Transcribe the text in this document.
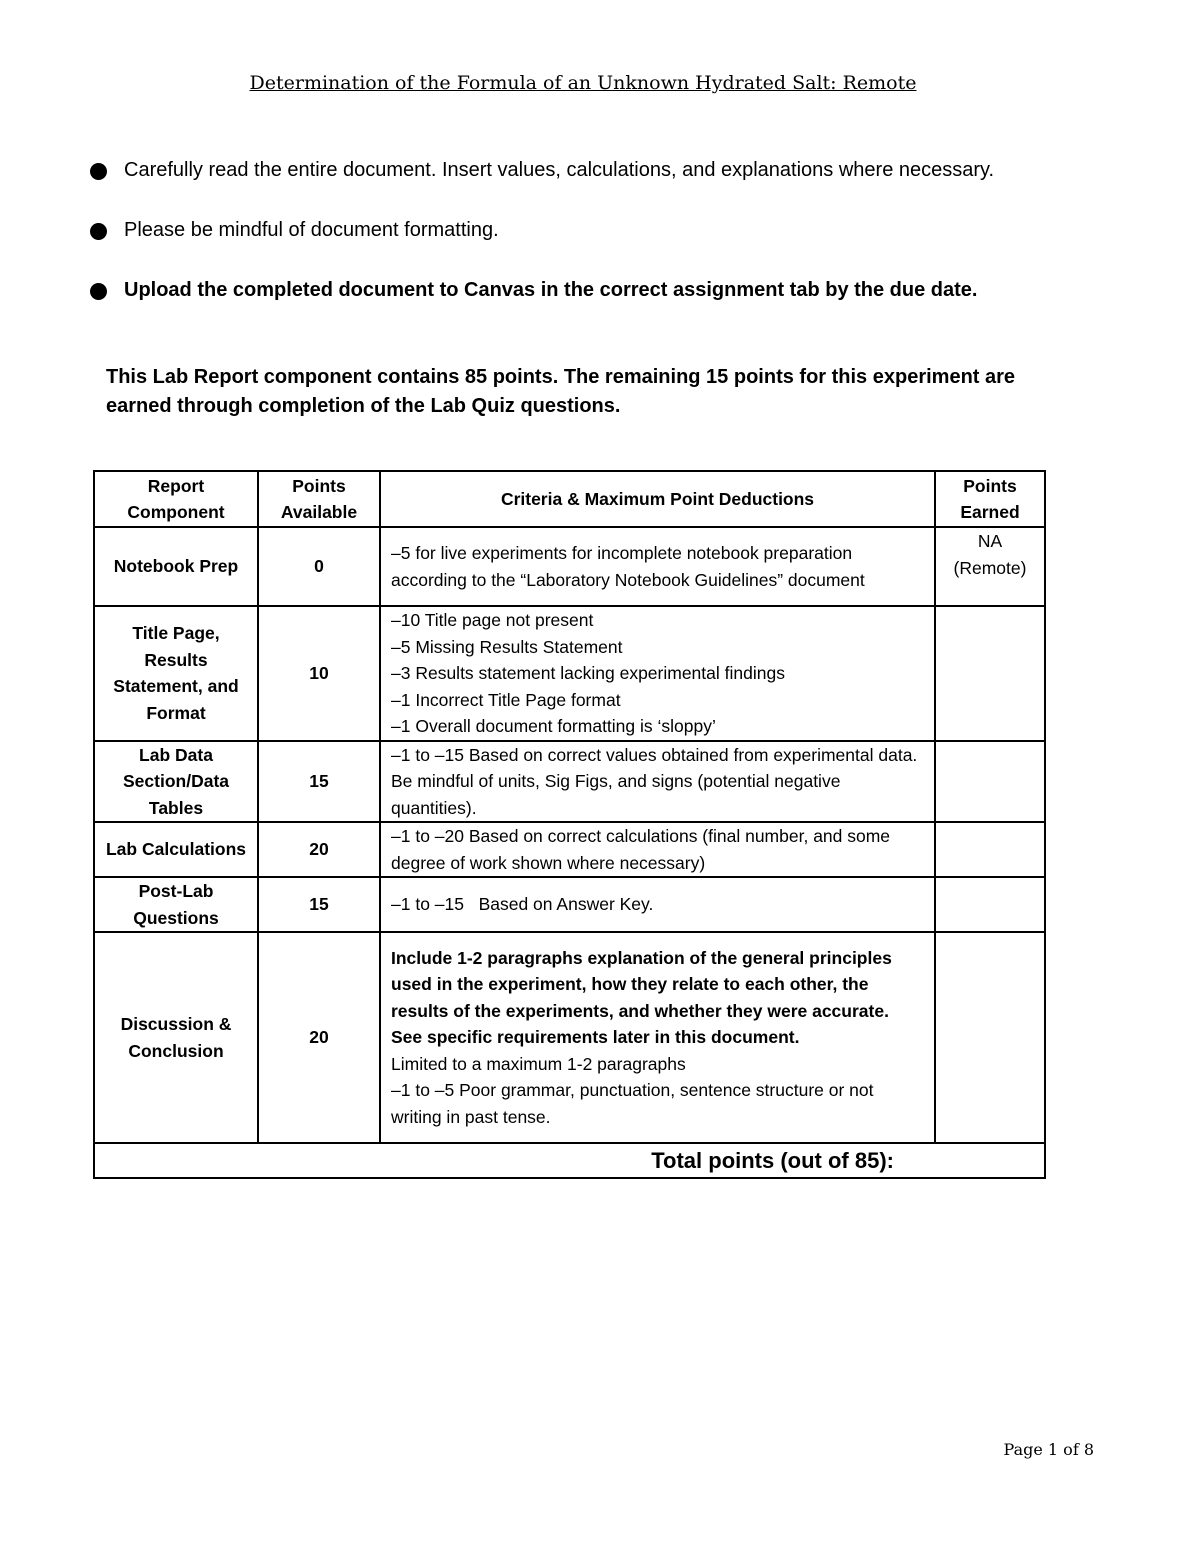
Determination of the Formula of an Unknown Hydrated Salt: Remote
Carefully read the entire document. Insert values, calculations, and explanations where necessary.
Please be mindful of document formatting.
Upload the completed document to Canvas in the correct assignment tab by the due date.
This Lab Report component contains 85 points. The remaining 15 points for this experiment are earned through completion of the Lab Quiz questions.
Report Component	Points Available	Criteria & Maximum Point Deductions	Points Earned
Notebook Prep	0	–5 for live experiments for incomplete notebook preparation according to the “Laboratory Notebook Guidelines” document	NA (Remote)
Title Page, Results Statement, and Format	10	–10 Title page not present
–5 Missing Results Statement
–3 Results statement lacking experimental findings
–1 Incorrect Title Page format
–1 Overall document formatting is ‘sloppy’	

Lab Data Section/Data Tables	15	–1 to –15 Based on correct values obtained from experimental data. Be mindful of units, Sig Figs, and signs (potential negative quantities).	

Lab Calculations	20	–1 to –20 Based on correct calculations (final number, and some degree of work shown where necessary)	

Post-Lab Questions	15	–1 to –15   Based on Answer Key.	

Discussion & Conclusion	20	Include 1-2 paragraphs explanation of the general principles used in the experiment, how they relate to each other, the results of the experiments, and whether they were accurate.
See specific requirements later in this document.
Limited to a maximum 1-2 paragraphs
–1 to –5 Poor grammar, punctuation, sentence structure or not writing in past tense.	

Total points (out of 85):			
Page 1 of 8
